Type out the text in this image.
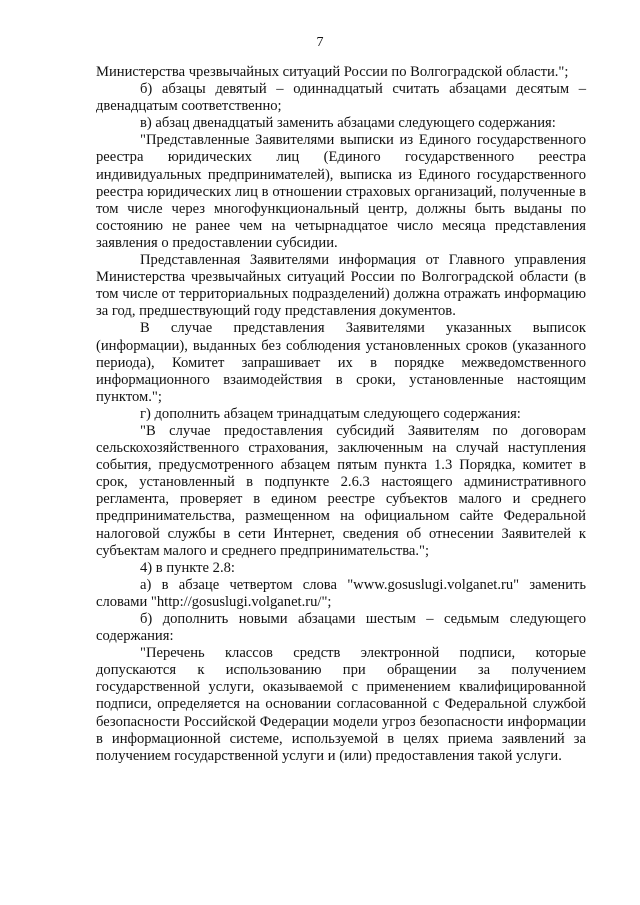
7

Министерства чрезвычайных ситуаций России по Волгоградской области.";

б) абзацы девятый – одиннадцатый считать абзацами десятым – двенадцатым соответственно;

в) абзац двенадцатый заменить абзацами следующего содержания:

"Представленные Заявителями выписки из Единого государственного реестра юридических лиц (Единого государственного реестра индивидуальных предпринимателей), выписка из Единого государственного реестра юридических лиц в отношении страховых организаций, полученные в том числе через многофункциональный центр, должны быть выданы по состоянию не ранее чем на четырнадцатое число месяца представления заявления о предоставлении субсидии.

Представленная Заявителями информация от Главного управления Министерства чрезвычайных ситуаций России по Волгоградской области (в том числе от территориальных подразделений) должна отражать информацию за год, предшествующий году представления документов.

В случае представления Заявителями указанных выписок (информации), выданных без соблюдения установленных сроков (указанного периода), Комитет запрашивает их в порядке межведомственного информационного взаимодействия в сроки, установленные настоящим пунктом.";

г) дополнить абзацем тринадцатым следующего содержания:

"В случае предоставления субсидий Заявителям по договорам сельскохозяйственного страхования, заключенным на случай наступления события, предусмотренного абзацем пятым пункта 1.3 Порядка, комитет в срок, установленный в подпункте 2.6.3 настоящего административного регламента, проверяет в едином реестре субъектов малого и среднего предпринимательства, размещенном на официальном сайте Федеральной налоговой службы в сети Интернет, сведения об отнесении Заявителей к субъектам малого и среднего предпринимательства.";

4) в пункте 2.8:

а) в абзаце четвертом слова "www.gosuslugi.volganet.ru" заменить словами "http://gosuslugi.volganet.ru/";

б) дополнить новыми абзацами шестым – седьмым следующего содержания:

"Перечень классов средств электронной подписи, которые допускаются к использованию при обращении за получением государственной услуги, оказываемой с применением квалифицированной подписи, определяется на основании согласованной с Федеральной службой безопасности Российской Федерации модели угроз безопасности информации в информационной системе, используемой в целях приема заявлений за получением государственной услуги и (или) предоставления такой услуги.
